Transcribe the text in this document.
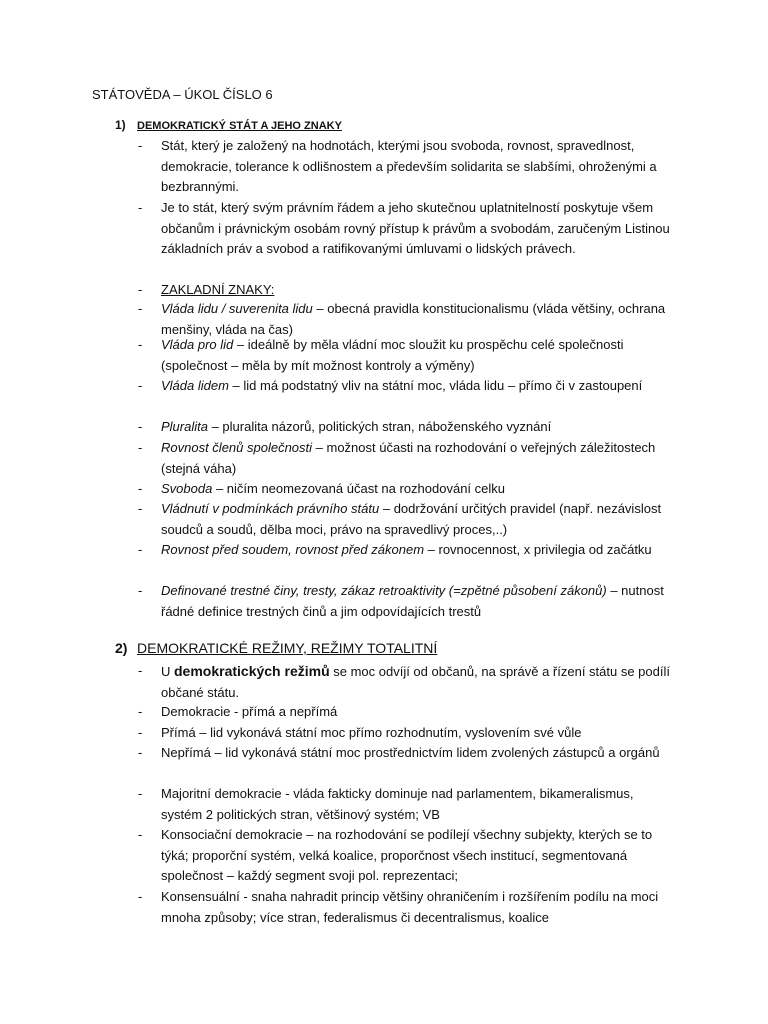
STÁTOVĚDA – ÚKOL ČÍSLO 6
1)	DEMOKRATICKÝ STÁT A JEHO ZNAKY
- Stát, který je založený na hodnotách, kterými jsou svoboda, rovnost, spravedlnost, demokracie, tolerance k odlišnostem a především solidarita se slabšími, ohroženými a bezbrannými.
- Je to stát, který svým právním řádem a jeho skutečnou uplatnitelností poskytuje všem občanům i právnickým osobám rovný přístup k právům a svobodám, zaručeným Listinou základních práv a svobod a ratifikovanými úmluvami o lidských právech.
- ZAKLADNÍ ZNAKY:
- Vláda lidu / suverenita lidu – obecná pravidla konstitucionalismu (vláda většiny, ochrana menšiny, vláda na čas)
- Vláda pro lid – ideálně by měla vládní moc sloužit ku prospěchu celé společnosti (společnost – měla by mít možnost kontroly a výměny)
- Vláda lidem – lid má podstatný vliv na státní moc, vláda lidu – přímo či v zastoupení
- Pluralita – pluralita názorů, politických stran, náboženského vyznání
- Rovnost členů společnosti – možnost účasti na rozhodování o veřejných záležitostech (stejná váha)
- Svoboda – ničím neomezovaná účast na rozhodování celku
- Vládnutí v podmínkách právního státu – dodržování určitých pravidel (např. nezávislost soudců a soudů, dělba moci, právo na spravedlivý proces,..)
- Rovnost před soudem, rovnost před zákonem – rovnocennost, x privilegia od začátku
- Definované trestné činy, tresty, zákaz retroaktivity (=zpětné působení zákonů) – nutnost řádné definice trestných činů a jim odpovídajících trestů
2) DEMOKRATICKÉ REŽIMY, REŽIMY TOTALITNÍ
- U demokratických režimů se moc odvíjí od občanů, na správě a řízení státu se podílí občané státu.
- Demokracie - přímá a nepřímá
- Přímá – lid vykonává státní moc přímo rozhodnutím, vyslovením své vůle
- Nepřímá – lid vykonává státní moc prostřednictvím lidem zvolených zástupců a orgánů
- Majoritní demokracie - vláda fakticky dominuje nad parlamentem, bikameralismus, systém 2 politických stran, většinový systém; VB
- Konsociační demokracie – na rozhodování se podílejí všechny subjekty, kterých se to týká; proporční systém, velká koalice, proporčnost všech institucí, segmentovaná společnost – každý segment svoji pol. reprezentaci;
- Konsensuální - snaha nahradit princip většiny ohraničením i rozšířením podílu na moci mnoha způsoby; více stran, federalismus či decentralismus, koalice
